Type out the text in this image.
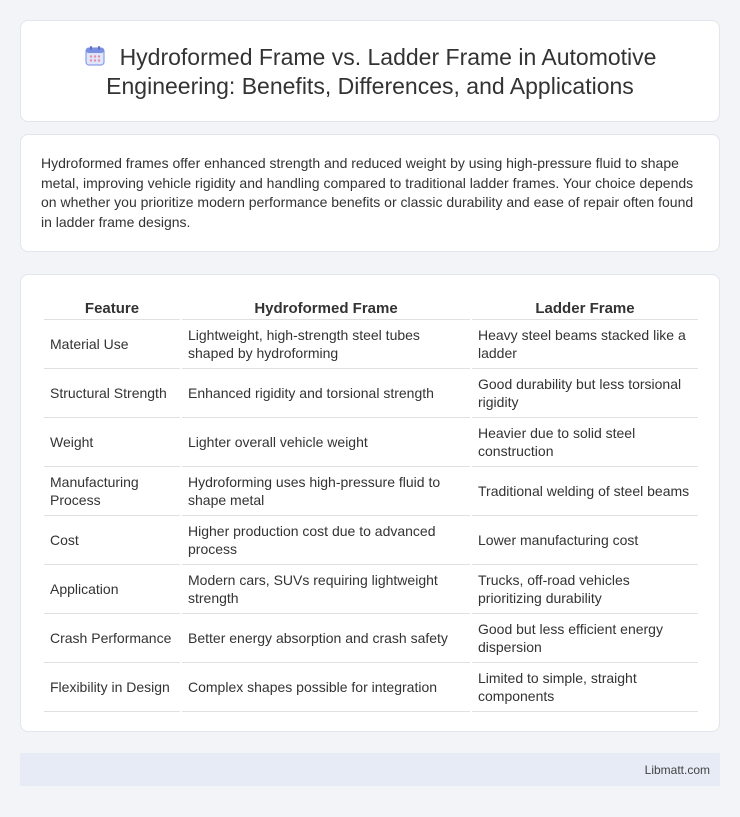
Hydroformed Frame vs. Ladder Frame in Automotive Engineering: Benefits, Differences, and Applications

Hydroformed frames offer enhanced strength and reduced weight by using high-pressure fluid to shape metal, improving vehicle rigidity and handling compared to traditional ladder frames. Your choice depends on whether you prioritize modern performance benefits or classic durability and ease of repair often found in ladder frame designs.

Feature	Hydroformed Frame	Ladder Frame
Material Use	Lightweight, high-strength steel tubes shaped by hydroforming	Heavy steel beams stacked like a ladder
Structural Strength	Enhanced rigidity and torsional strength	Good durability but less torsional rigidity
Weight	Lighter overall vehicle weight	Heavier due to solid steel construction
Manufacturing Process	Hydroforming uses high-pressure fluid to shape metal	Traditional welding of steel beams
Cost	Higher production cost due to advanced process	Lower manufacturing cost
Application	Modern cars, SUVs requiring lightweight strength	Trucks, off-road vehicles prioritizing durability
Crash Performance	Better energy absorption and crash safety	Good but less efficient energy dispersion
Flexibility in Design	Complex shapes possible for integration	Limited to simple, straight components
Libmatt.com
